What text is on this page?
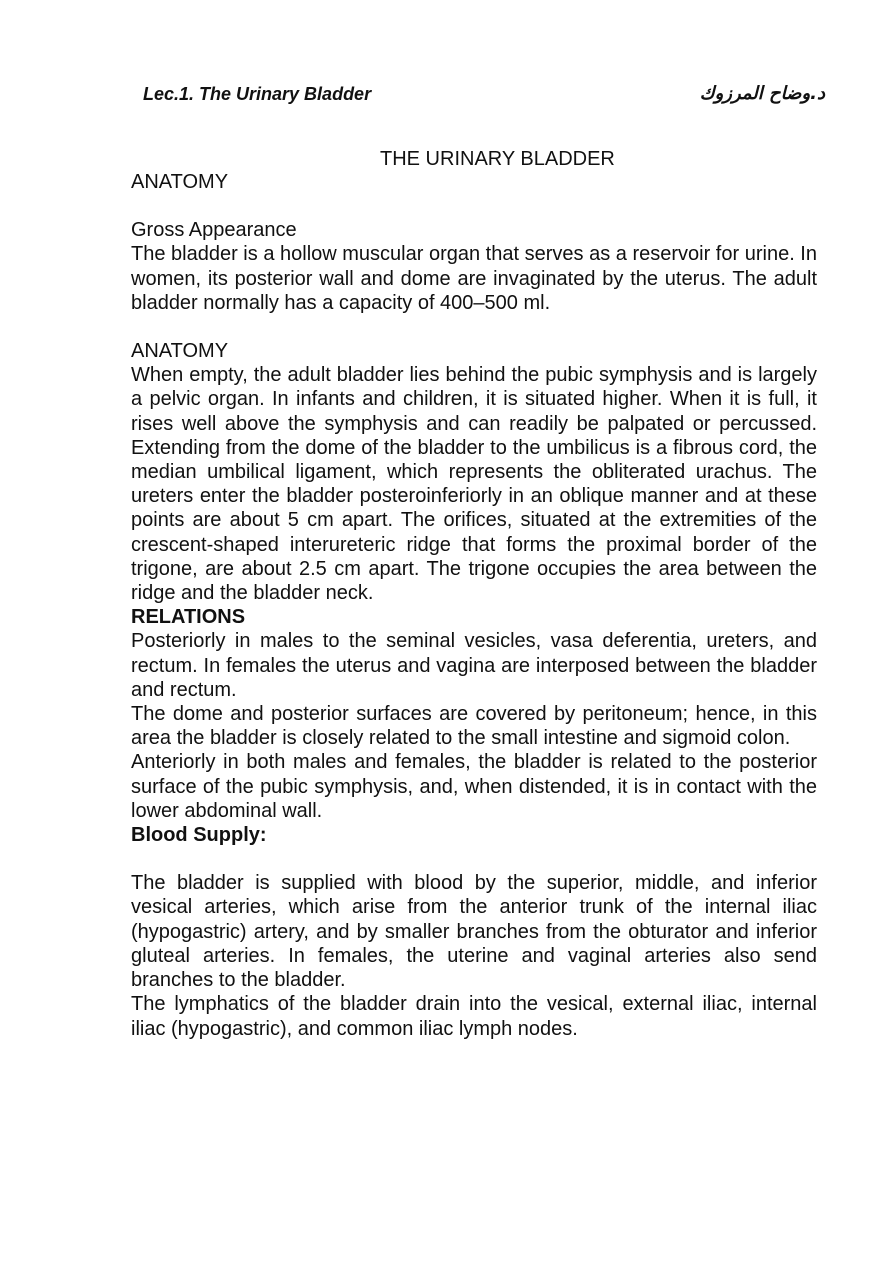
Lec.1. The Urinary Bladder	د.وضاح المرزوك
THE URINARY BLADDER
ANATOMY
Gross Appearance

The bladder is a hollow muscular organ that serves as a reservoir for urine. In women, its posterior wall and dome are invaginated by the uterus. The adult bladder normally has a capacity of 400–500 ml.

ANATOMY

When empty, the adult bladder lies behind the pubic symphysis and is largely a pelvic organ. In infants and children, it is situated higher. When it is full, it rises well above the symphysis and can readily be palpated or percussed. Extending from the dome of the bladder to the umbilicus is a fibrous cord, the median umbilical ligament, which represents the obliterated urachus. The ureters enter the bladder posteroinferiorly in an oblique manner and at these points are about 5 cm apart. The orifices, situated at the extremities of the crescent-shaped interureteric ridge that forms the proximal border of the trigone, are about 2.5 cm apart. The trigone occupies the area between the ridge and the bladder neck.

RELATIONS

Posteriorly in males to the seminal vesicles, vasa deferentia, ureters, and rectum. In females the uterus and vagina are interposed between the bladder and rectum.

The dome and posterior surfaces are covered by peritoneum; hence, in this area the bladder is closely related to the small intestine and sigmoid colon.

Anteriorly in both males and females, the bladder is related to the posterior surface of the pubic symphysis, and, when distended, it is in contact with the lower abdominal wall.

Blood Supply:

The bladder is supplied with blood by the superior, middle, and inferior vesical arteries, which arise from the anterior trunk of the internal iliac (hypogastric) artery, and by smaller branches from the obturator and inferior gluteal arteries. In females, the uterine and vaginal arteries also send branches to the bladder.

The lymphatics of the bladder drain into the vesical, external iliac, internal iliac (hypogastric), and common iliac lymph nodes.
